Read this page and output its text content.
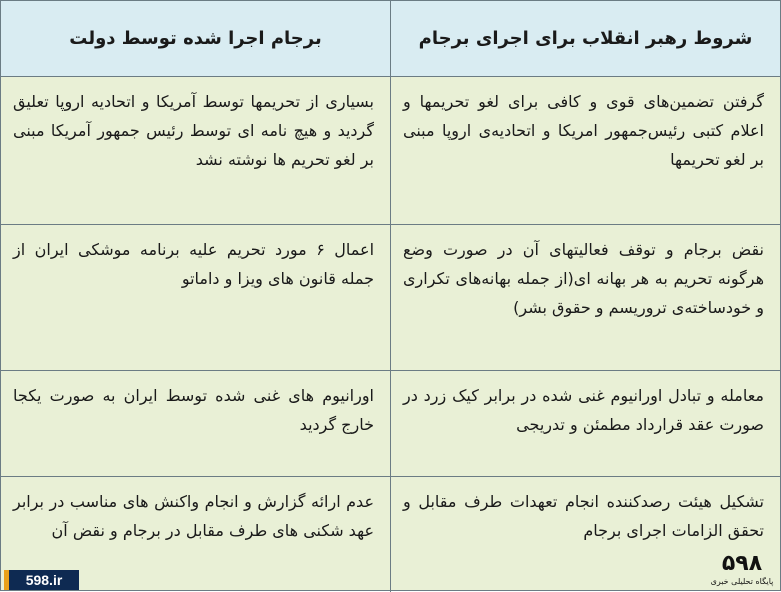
شروط رهبر انقلاب برای اجرای برجام
برجام اجرا شده توسط دولت
گرفتن تضمین‌های قوی و کافی برای لغو تحریمها و اعلام کتبی رئیس‌جمهور امریکا و اتحادیه‌ی اروپا مبنی بر لغو تحریمها
بسیاری از تحریمها توسط آمریکا و اتحادیه اروپا تعلیق گردید و هیچ نامه ای توسط رئیس جمهور آمریکا مبنی بر لغو تحریم ها نوشته نشد
نقض برجام و توقف فعالیتهای آن در صورت وضع هرگونه تحریم به هر بهانه ای(از جمله بهانه‌های تکراری و خودساخته‌ی تروریسم و حقوق بشر)
اعمال ۶ مورد تحریم علیه برنامه موشکی ایران از جمله قانون های ویزا و داماتو
معامله و تبادل اورانیوم غنی شده در برابر کیک زرد در صورت عقد قرارداد مطمئن و تدریجی
اورانیوم های غنی شده توسط ایران به صورت یکجا خارج گردید
تشکیل هیئت رصدکننده انجام تعهدات طرف مقابل و تحقق الزامات اجرای برجام
عدم ارائه گزارش و انجام واکنش های مناسب در برابر عهد شکنی های طرف مقابل در برجام و نقض آن
598.ir
۵۹۸
پایگاه تحلیلی خبری
